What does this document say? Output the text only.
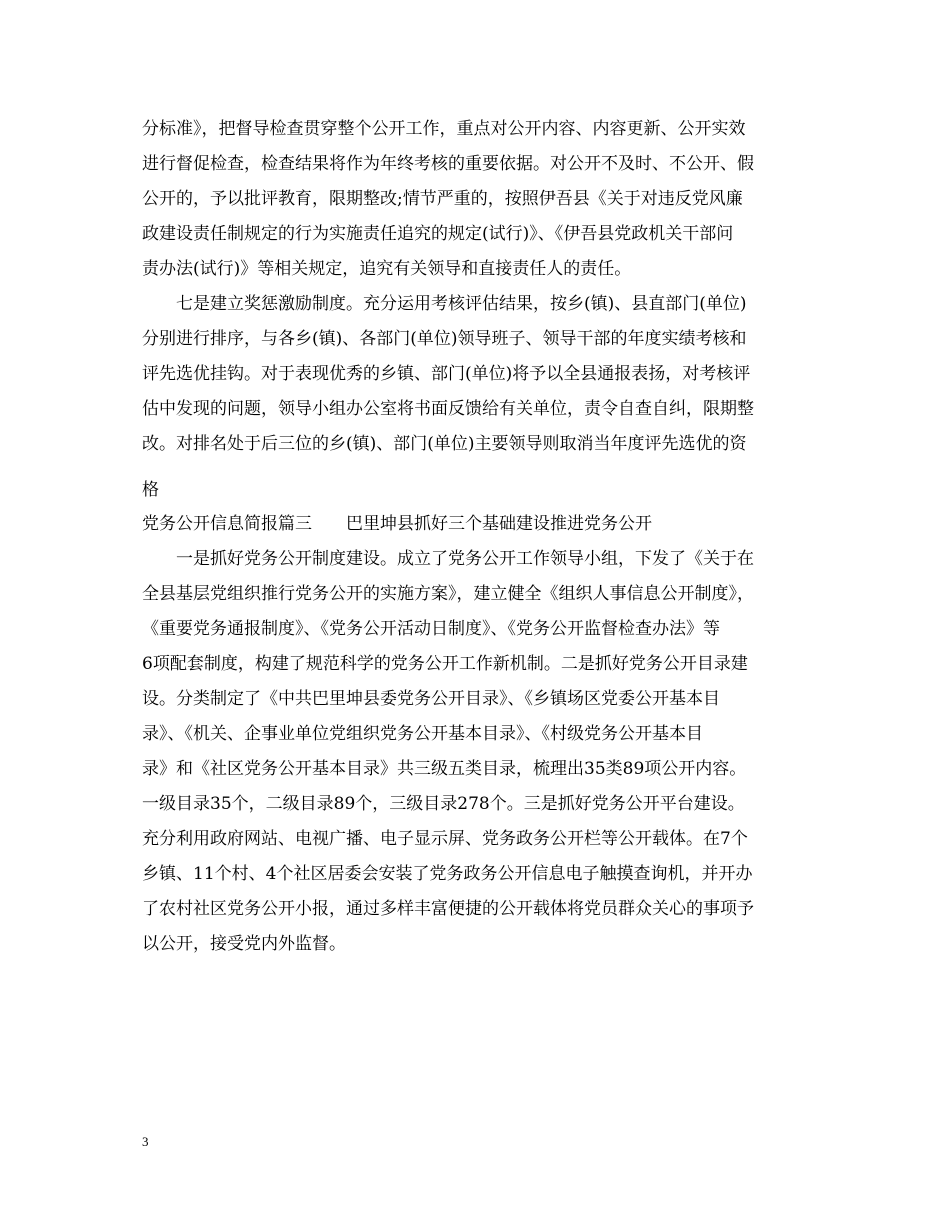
分标准》，把督导检查贯穿整个公开工作，重点对公开内容、内容更新、公开实效
进行督促检查，检查结果将作为年终考核的重要依据。对公开不及时、不公开、假
公开的，予以批评教育，限期整改;情节严重的，按照伊吾县《关于对违反党风廉
政建设责任制规定的行为实施责任追究的规定(试行)》、《伊吾县党政机关干部问
责办法(试行)》等相关规定，追究有关领导和直接责任人的责任。
　　七是建立奖惩激励制度。充分运用考核评估结果，按乡(镇)、县直部门(单位)
分别进行排序，与各乡(镇)、各部门(单位)领导班子、领导干部的年度实绩考核和
评先选优挂钩。对于表现优秀的乡镇、部门(单位)将予以全县通报表扬，对考核评
估中发现的问题，领导小组办公室将书面反馈给有关单位，责令自查自纠，限期整
改。对排名处于后三位的乡(镇)、部门(单位)主要领导则取消当年度评先选优的资
格
党务公开信息简报篇三　　巴里坤县抓好三个基础建设推进党务公开
　　一是抓好党务公开制度建设。成立了党务公开工作领导小组，下发了《关于在
全县基层党组织推行党务公开的实施方案》，建立健全《组织人事信息公开制度》，
《重要党务通报制度》、《党务公开活动日制度》、《党务公开监督检查办法》等
6项配套制度，构建了规范科学的党务公开工作新机制。二是抓好党务公开目录建
设。分类制定了《中共巴里坤县委党务公开目录》、《乡镇场区党委公开基本目
录》、《机关、企事业单位党组织党务公开基本目录》、《村级党务公开基本目
录》和《社区党务公开基本目录》共三级五类目录，梳理出35类89项公开内容。
一级目录35个，二级目录89个，三级目录278个。三是抓好党务公开平台建设。
充分利用政府网站、电视广播、电子显示屏、党务政务公开栏等公开载体。在7个
乡镇、11个村、4个社区居委会安装了党务政务公开信息电子触摸查询机，并开办
了农村社区党务公开小报，通过多样丰富便捷的公开载体将党员群众关心的事项予
以公开，接受党内外监督。
3
